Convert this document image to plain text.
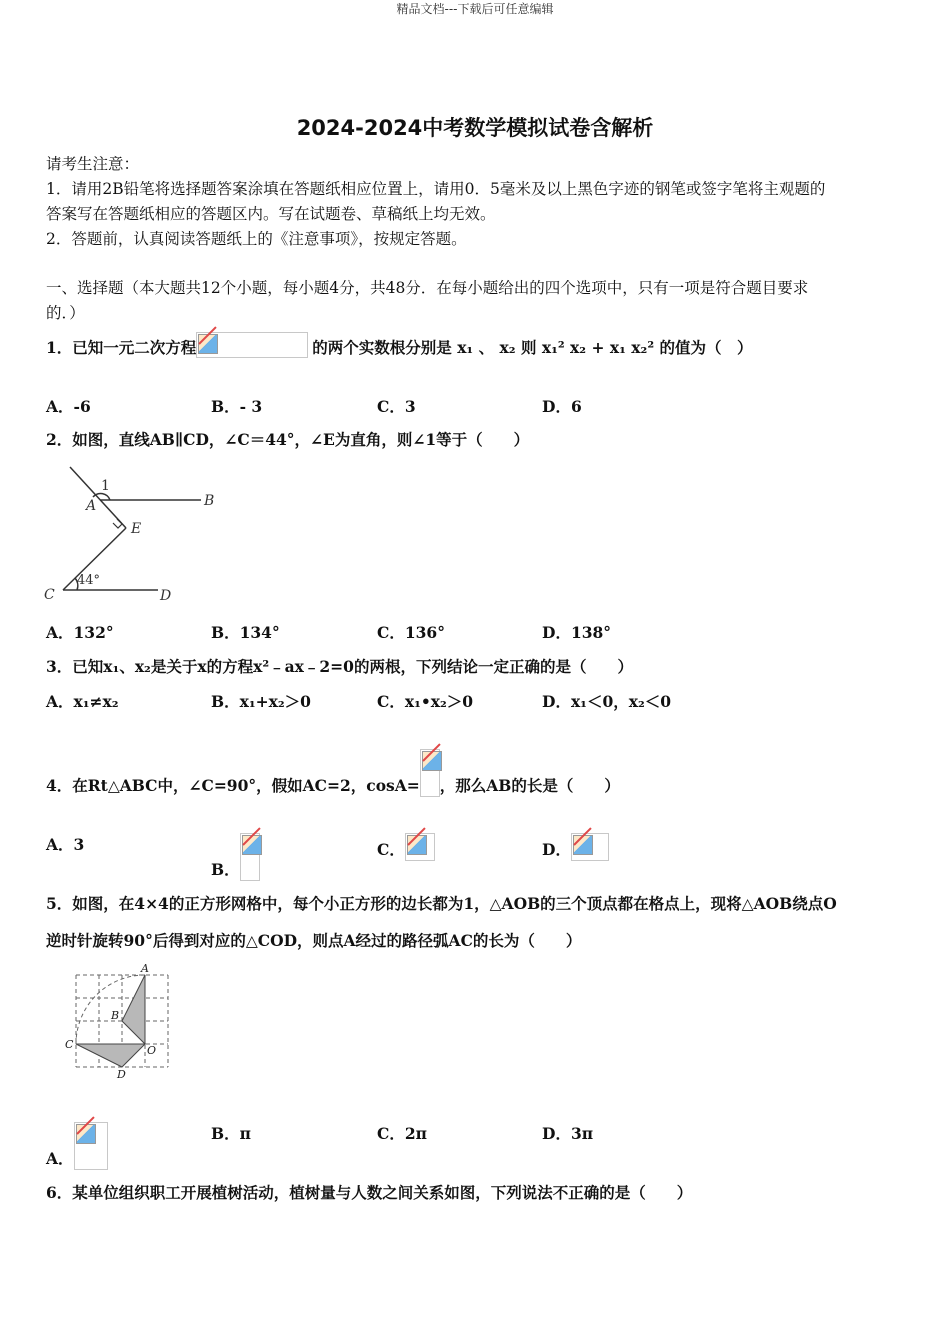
精品文档---下载后可任意编辑
2024-2024中考数学模拟试卷含解析
请考生注意：
1．请用2B铅笔将选择题答案涂填在答题纸相应位置上，请用0．5毫米及以上黑色字迹的钢笔或签字笔将主观题的
答案写在答题纸相应的答题区内。写在试题卷、草稿纸上均无效。
2．答题前，认真阅读答题纸上的《注意事项》，按规定答题。
一、选择题（本大题共12个小题，每小题4分，共48分．在每小题给出的四个选项中，只有一项是符合题目要求
的．）
1．已知一元二次方程	的两个实数根分别是 x₁ 、 x₂ 则 x₁² x₂ + x₁ x₂² 的值为（　）
A．-6	B．- 3	C．3	D．6
2．如图，直线AB∥CD，∠C＝44°，∠E为直角，则∠1等于（　　）
1
A	B
E
C	D
44°
A．132°	B．134°	C．136°	D．138°
3．已知x₁、x₂是关于x的方程x²﹣ax﹣2=0的两根，下列结论一定正确的是（　　）
A．x₁≠x₂	B．x₁+x₂＞0	C．x₁•x₂＞0	D．x₁＜0，x₂＜0
4．在Rt△ABC中，∠C=90°，假如AC=2，cosA= ，那么AB的长是（　　）
A．3
B．
C．	D．
5．如图，在4×4的正方形网格中，每个小正方形的边长都为1，△AOB的三个顶点都在格点上，现将△AOB绕点O
逆时针旋转90°后得到对应的△COD，则点A经过的路径弧AC的长为（　　）
A
B
C	O
D
A．
B．π	C．2π	D．3π
6．某单位组织职工开展植树活动，植树量与人数之间关系如图，下列说法不正确的是（　　）
